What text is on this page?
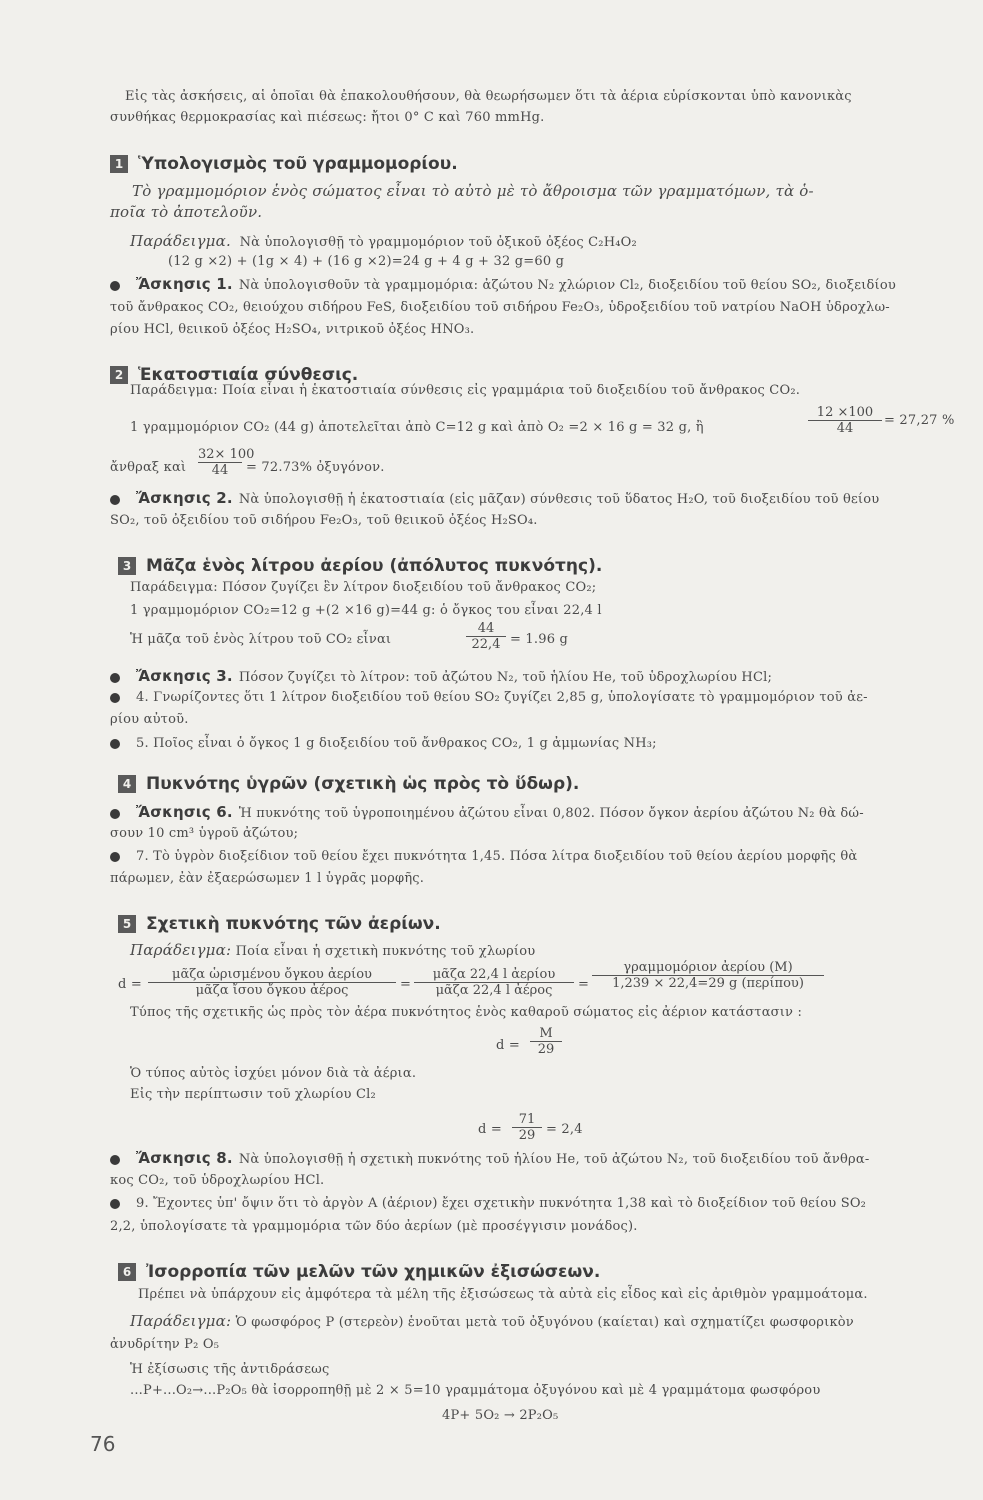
Εἰς τὰς ἀσκήσεις, αἱ ὁποῖαι θὰ ἐπακολουθήσουν, θὰ θεωρήσωμεν ὅτι τὰ ἀέρια εὑρίσκονται ὑπὸ κανονικὰς
συνθήκας θερμοκρασίας καὶ πιέσεως: ἤτοι 0° C καὶ 760 mmHg.
1 Ὑπολογισμὸς τοῦ γραμμομορίου.
Τὸ γραμμομόριον ἑνὸς σώματος εἶναι τὸ αὐτὸ μὲ τὸ ἄθροισμα τῶν γραμματόμων, τὰ ὁ-
ποῖα τὸ ἀποτελοῦν.
Παράδειγμα. Νὰ ὑπολογισθῇ τὸ γραμμομόριον τοῦ ὀξικοῦ ὀξέος C₂H₄O₂
(12 g ×2) + (1g × 4) + (16 g ×2)=24 g + 4 g + 32 g=60 g
Ἄσκησις 1. Νὰ ὑπολογισθοῦν τὰ γραμμομόρια: ἀζώτου N₂ χλώριον Cl₂, διοξειδίου τοῦ θείου SO₂, διοξειδίου
τοῦ ἄνθρακος CO₂, θειούχου σιδήρου FeS, διοξειδίου τοῦ σιδήρου Fe₂O₃, ὑδροξειδίου τοῦ νατρίου NaOH ὑδροχλω-
ρίου HCl, θειικοῦ ὀξέος H₂SO₄, νιτρικοῦ ὀξέος HNO₃.
2 Ἑκατοστιαία σύνθεσις.
Παράδειγμα: Ποία εἶναι ἡ ἑκατοστιαία σύνθεσις εἰς γραμμάρια τοῦ διοξειδίου τοῦ ἄνθρακος CO₂.
1 γραμμομόριον CO₂ (44 g) ἀποτελεῖται ἀπὸ C=12 g καὶ ἀπὸ O₂ =2 × 16 g = 32 g, ἢ	$\frac{12 \times 100}{44} = 27,27$ %
ἄνθραξ καὶ $\frac{32\times 100}{44} = 72.73\%$ ὀξυγόνον.
Ἄσκησις 2. Νὰ ὑπολογισθῇ ἡ ἑκατοστιαία (εἰς μᾶζαν) σύνθεσις τοῦ ὕδατος H₂O, τοῦ διοξειδίου τοῦ θείου
SO₂, τοῦ ὀξειδίου τοῦ σιδήρου Fe₂O₃, τοῦ θειικοῦ ὀξέος H₂SO₄.
3 Μᾶζα ἑνὸς λίτρου ἀερίου (ἀπόλυτος πυκνότης).
Παράδειγμα: Πόσον ζυγίζει ἓν λίτρον διοξειδίου τοῦ ἄνθρακος CO₂;
1 γραμμομόριον CO₂=12 g +(2 ×16 g)=44 g: ὁ ὄγκος του εἶναι 22,4 l
Ἡ μᾶζα τοῦ ἑνὸς λίτρου τοῦ CO₂ εἶναι	$\frac{44}{22,4} = 1.96$ g
Ἄσκησις 3. Πόσον ζυγίζει τὸ λίτρον: τοῦ ἀζώτου N₂, τοῦ ἡλίου He, τοῦ ὑδροχλωρίου HCl;
4. Γνωρίζοντες ὅτι 1 λίτρον διοξειδίου τοῦ θείου SO₂ ζυγίζει 2,85 g, ὑπολογίσατε τὸ γραμμομόριον τοῦ ἀε-
ρίου αὐτοῦ.
5. Ποῖος εἶναι ὁ ὄγκος 1 g διοξειδίου τοῦ ἄνθρακος CO₂, 1 g ἀμμωνίας NH₃;
4 Πυκνότης ὑγρῶν (σχετικὴ ὡς πρὸς τὸ ὕδωρ).
Ἄσκησις 6. Ἡ πυκνότης τοῦ ὑγροποιημένου ἀζώτου εἶναι 0,802. Πόσον ὄγκον ἀερίου ἀζώτου N₂ θὰ δώ-
σουν 10 cm³ ὑγροῦ ἀζώτου;
7. Τὸ ὑγρὸν διοξείδιον τοῦ θείου ἔχει πυκνότητα 1,45. Πόσα λίτρα διοξειδίου τοῦ θείου ἀερίου μορφῆς θὰ
πάρωμεν, ἐὰν ἐξαερώσωμεν 1 l ὑγρᾶς μορφῆς.
5 Σχετικὴ πυκνότης τῶν ἀερίων.
Παράδειγμα: Ποία εἶναι ἡ σχετικὴ πυκνότης τοῦ χλωρίου
d =
μᾶζα ὡρισμένου ὄγκου ἀερίου
μᾶζα ἴσου ὄγκου ἀέρος	=
μᾶζα 22,4 l ἀερίου
μᾶζα 22,4 l ἀέρος	=
γραμμομόριον ἀερίου (M)
1,239 × 22,4=29 g (περίπου)
Τύπος τῆς σχετικῆς ὡς πρὸς τὸν ἀέρα πυκνότητος ἑνὸς καθαροῦ σώματος εἰς ἀέριον κατάστασιν :
$d = \frac{M}{29}$
Ὁ τύπος αὐτὸς ἰσχύει μόνον διὰ τὰ ἀέρια.
Εἰς τὴν περίπτωσιν τοῦ χλωρίου Cl₂
$d = \frac{71}{29} = 2,4$
Ἄσκησις 8. Νὰ ὑπολογισθῇ ἡ σχετικὴ πυκνότης τοῦ ἡλίου He, τοῦ ἀζώτου N₂, τοῦ διοξειδίου τοῦ ἄνθρα-
κος CO₂, τοῦ ὑδροχλωρίου HCl.
9. Ἔχοντες ὑπ' ὄψιν ὅτι τὸ ἀργὸν A (ἀέριον) ἔχει σχετικὴν πυκνότητα 1,38 καὶ τὸ διοξείδιον τοῦ θείου SO₂
2,2, ὑπολογίσατε τὰ γραμμομόρια τῶν δύο ἀερίων (μὲ προσέγγισιν μονάδος).
6 Ἰσορροπία τῶν μελῶν τῶν χημικῶν ἐξισώσεων.
Πρέπει νὰ ὑπάρχουν εἰς ἀμφότερα τὰ μέλη τῆς ἐξισώσεως τὰ αὐτὰ εἰς εἶδος καὶ εἰς ἀριθμὸν γραμμοάτομα.
Παράδειγμα: Ὁ φωσφόρος P (στερεὸν) ἑνοῦται μετὰ τοῦ ὀξυγόνου (καίεται) καὶ σχηματίζει φωσφορικὸν
ἀνυδρίτην P₂ O₅
Ἡ ἐξίσωσις τῆς ἀντιδράσεως
...P+...O₂→...P₂O₅ θὰ ἰσορροπηθῇ μὲ 2 × 5=10 γραμμάτομα ὀξυγόνου καὶ μὲ 4 γραμμάτομα φωσφόρου
4P+ 5O₂ → 2P₂O₅
76
